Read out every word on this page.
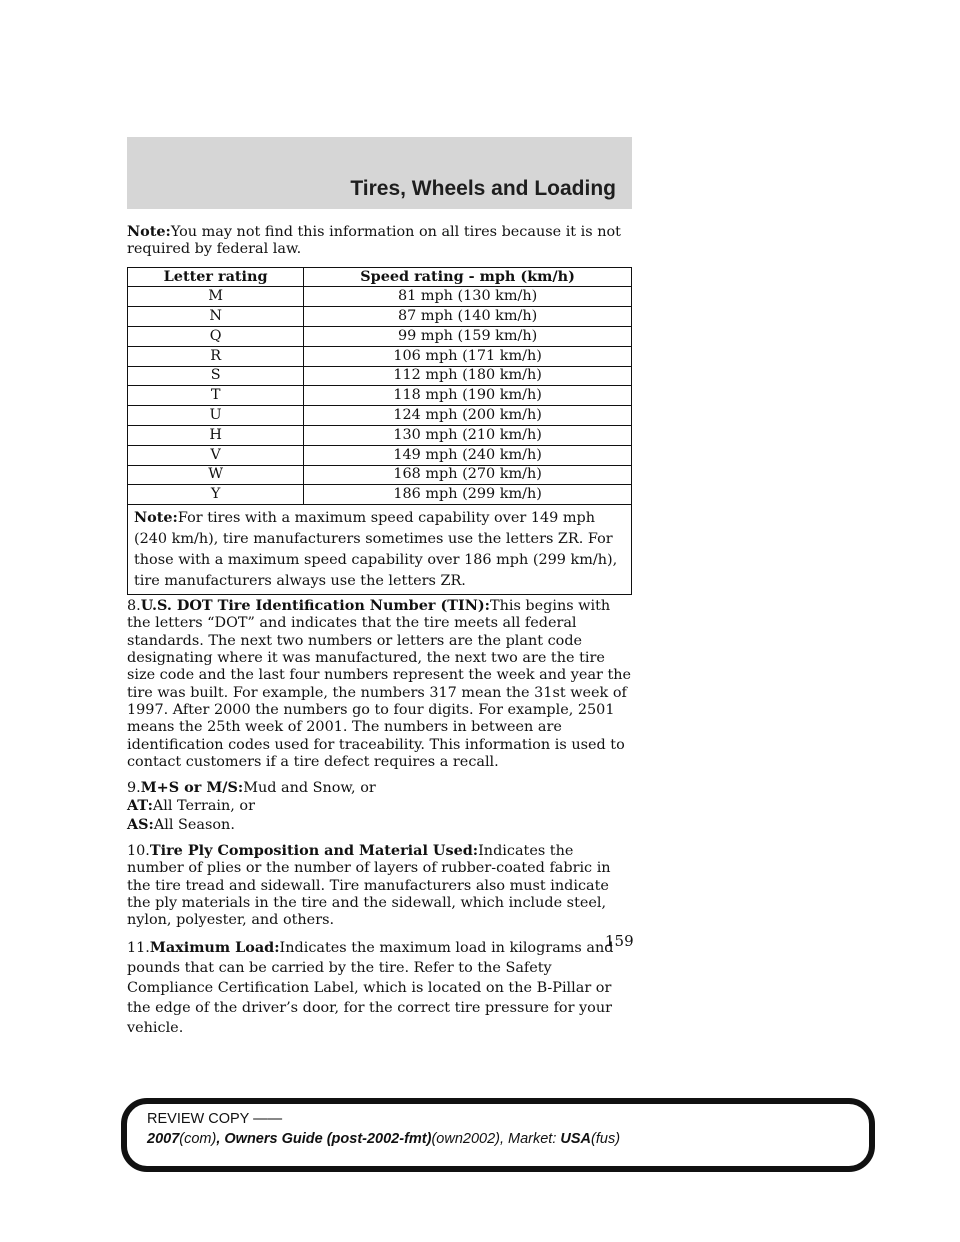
Tires, Wheels and Loading

Note:You may not find this information on all tires because it is not required by federal law.

Letter rating	Speed rating - mph (km/h)
M	81 mph (130 km/h)
N	87 mph (140 km/h)
Q	99 mph (159 km/h)
R	106 mph (171 km/h)
S	112 mph (180 km/h)
T	118 mph (190 km/h)
U	124 mph (200 km/h)
H	130 mph (210 km/h)
V	149 mph (240 km/h)
W	168 mph (270 km/h)
Y	186 mph (299 km/h)
Note:For tires with a maximum speed capability over 149 mph (240 km/h), tire manufacturers sometimes use the letters ZR. For those with a maximum speed capability over 186 mph (299 km/h), tire manufacturers always use the letters ZR.	

8.U.S. DOT Tire Identification Number (TIN):This begins with the letters “DOT” and indicates that the tire meets all federal standards. The next two numbers or letters are the plant code designating where it was manufactured, the next two are the tire size code and the last four numbers represent the week and year the tire was built. For example, the numbers 317 mean the 31st week of 1997. After 2000 the numbers go to four digits. For example, 2501 means the 25th week of 2001. The numbers in between are identification codes used for traceability. This information is used to contact customers if a tire defect requires a recall.

9.M+S or M/S:Mud and Snow, or

AT:All Terrain, or

AS:All Season.

10.Tire Ply Composition and Material Used:Indicates the number of plies or the number of layers of rubber-coated fabric in the tire tread and sidewall. Tire manufacturers also must indicate the ply materials in the tire and the sidewall, which include steel, nylon, polyester, and others.

11.Maximum Load:Indicates the maximum load in kilograms and pounds that can be carried by the tire. Refer to the Safety Compliance Certification Label, which is located on the B-Pillar or the edge of the driver’s door, for the correct tire pressure for your vehicle.

159
REVIEW COPY ——
2007(com), Owners Guide (post-2002-fmt)(own2002), Market: USA(fus)
